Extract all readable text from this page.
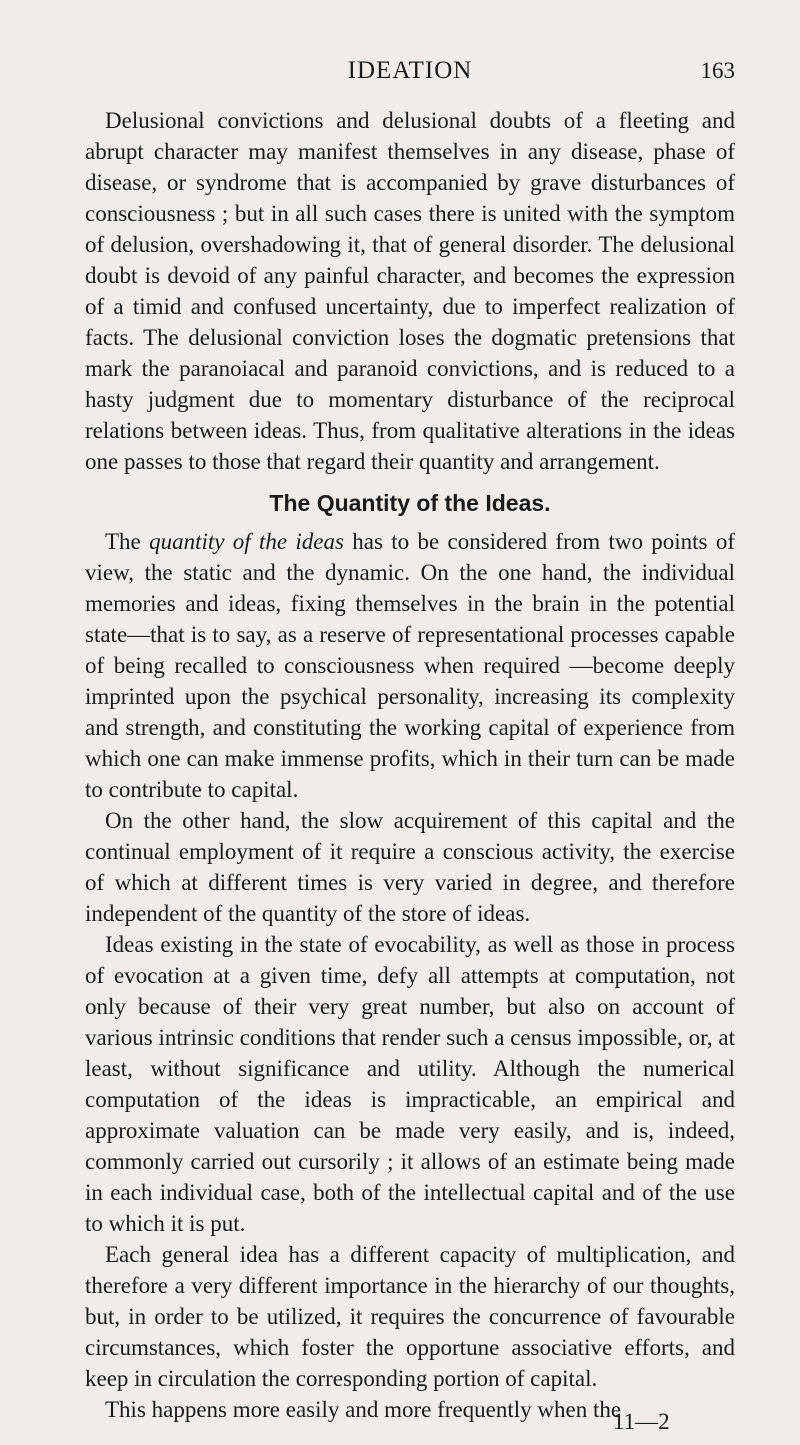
IDEATION	163

Delusional convictions and delusional doubts of a fleeting and abrupt character may manifest themselves in any disease, phase of disease, or syndrome that is accompanied by grave disturbances of consciousness ; but in all such cases there is united with the symptom of delusion, overshadowing it, that of general disorder. The delusional doubt is devoid of any painful character, and becomes the expression of a timid and confused uncertainty, due to imperfect realization of facts. The delusional conviction loses the dogmatic pretensions that mark the paranoiacal and paranoid convictions, and is reduced to a hasty judgment due to momentary disturbance of the reciprocal relations between ideas. Thus, from qualitative alterations in the ideas one passes to those that regard their quantity and arrangement.

The Quantity of the Ideas.

The quantity of the ideas has to be considered from two points of view, the static and the dynamic. On the one hand, the individual memories and ideas, fixing themselves in the brain in the potential state—that is to say, as a reserve of representational processes capable of being recalled to consciousness when required —become deeply imprinted upon the psychical personality, increasing its complexity and strength, and constituting the working capital of experience from which one can make immense profits, which in their turn can be made to contribute to capital.

On the other hand, the slow acquirement of this capital and the continual employment of it require a conscious activity, the exercise of which at different times is very varied in degree, and therefore independent of the quantity of the store of ideas.

Ideas existing in the state of evocability, as well as those in process of evocation at a given time, defy all attempts at computation, not only because of their very great number, but also on account of various intrinsic conditions that render such a census impossible, or, at least, without significance and utility. Although the numerical computation of the ideas is impracticable, an empirical and approximate valuation can be made very easily, and is, indeed, commonly carried out cursorily ; it allows of an estimate being made in each individual case, both of the intellectual capital and of the use to which it is put.

Each general idea has a different capacity of multiplication, and therefore a very different importance in the hierarchy of our thoughts, but, in order to be utilized, it requires the concurrence of favourable circumstances, which foster the opportune associative efforts, and keep in circulation the corresponding portion of capital.

This happens more easily and more frequently when the

11—2
